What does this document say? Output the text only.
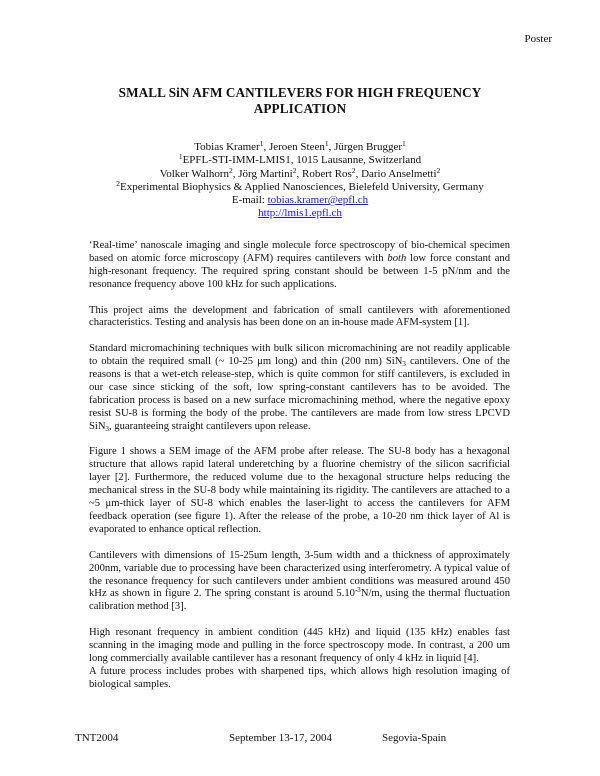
Poster
SMALL SiN AFM CANTILEVERS FOR HIGH FREQUENCY
APPLICATION
Tobias Kramer$^1$, Jeroen Steen$^1$, Jürgen Brugger$^1$
$^1$EPFL-STI-IMM-LMIS1, 1015 Lausanne, Switzerland
Volker Walhorn$^2$, Jörg Martini$^2$, Robert Ros$^2$, Dario Anselmetti$^2$
$^2$Experimental Biophysics & Applied Nanosciences, Bielefeld University, Germany
E-mail: tobias.kramer@epfl.ch
http://lmis1.epfl.ch

‘Real-time’ nanoscale imaging and single molecule force spectroscopy of bio-chemical specimen based on atomic force microscopy (AFM) requires cantilevers with both low force constant and high-resonant frequency. The required spring constant should be between 1-5 pN/nm and the resonance frequency above 100 kHz for such applications.

This project aims the development and fabrication of small cantilevers with aforementioned characteristics. Testing and analysis has been done on an in-house made AFM-system [1].

Standard micromachining techniques with bulk silicon micromachining are not readily applicable to obtain the required small (~ 10-25 μm long) and thin (200 nm) SiN$_3$ cantilevers. One of the reasons is that a wet-etch release-step, which is quite common for stiff cantilevers, is excluded in our case since sticking of the soft, low spring-constant cantilevers has to be avoided. The fabrication process is based on a new surface micromachining method, where the negative epoxy resist SU-8 is forming the body of the probe. The cantilevers are made from low stress LPCVD SiN$_3$, guaranteeing straight cantilevers upon release.

Figure 1 shows a SEM image of the AFM probe after release. The SU-8 body has a hexagonal structure that allows rapid lateral underetching by a fluorine chemistry of the silicon sacrificial layer [2]. Furthermore, the reduced volume due to the hexagonal structure helps reducing the mechanical stress in the SU-8 body while maintaining its rigidity. The cantilevers are attached to a ~5 μm-thick layer of SU-8 which enables the laser-light to access the cantilevers for AFM feedback operation (see figure 1). After the release of the probe, a 10-20 nm thick layer of Al is evaporated to enhance optical reflection.

Cantilevers with dimensions of 15-25um length, 3-5um width and a thickness of approximately 200nm, variable due to processing have been characterized using interferometry. A typical value of the resonance frequency for such cantilevers under ambient conditions was measured around 450 kHz as shown in figure 2. The spring constant is around $5.10^{-3}N/m$, using the thermal fluctuation calibration method [3].

High resonant frequency in ambient condition (445 kHz) and liquid (135 kHz) enables fast scanning in the imaging mode and pulling in the force spectroscopy mode. In contrast, a 200 um long commercially available cantilever has a resonant frequency of only 4 kHz in liquid [4].

A future process includes probes with sharpened tips, which allows high resolution imaging of biological samples.

TNT2004	September 13-17, 2004	Segovia-Spain
